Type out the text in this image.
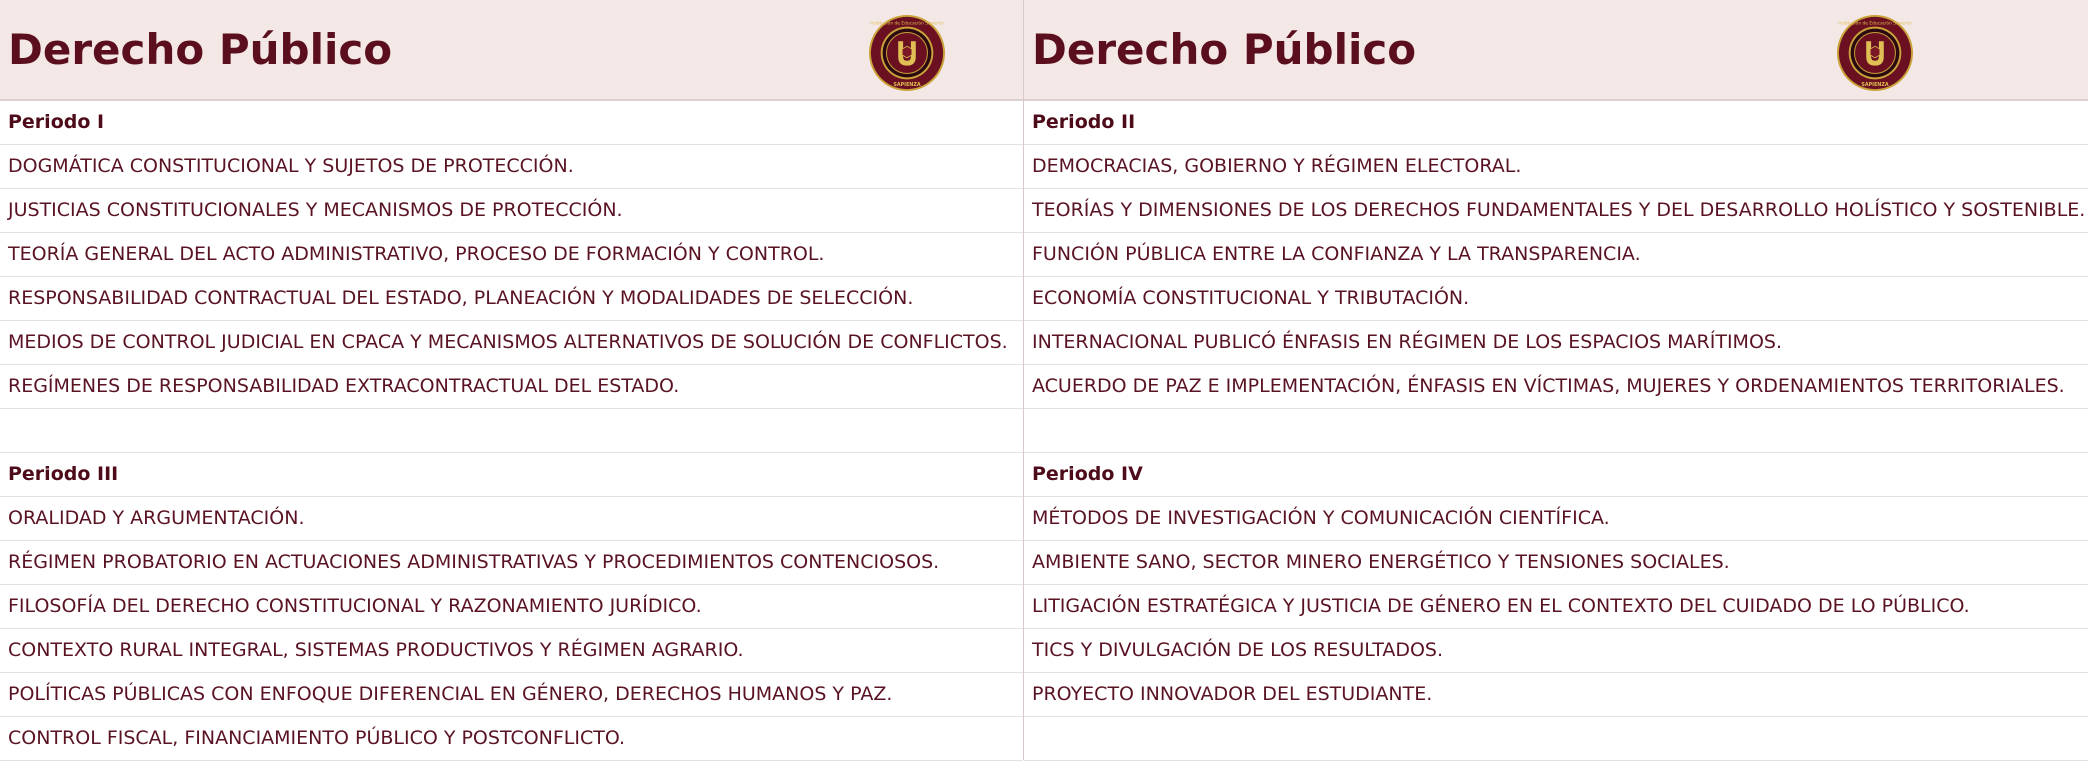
Derecho Público
Institución de Educación Superior
SAPIENZA
Periodo I
DOGMÁTICA CONSTITUCIONAL Y SUJETOS DE PROTECCIÓN.
JUSTICIAS CONSTITUCIONALES Y MECANISMOS DE PROTECCIÓN.
TEORÍA GENERAL DEL ACTO ADMINISTRATIVO, PROCESO DE FORMACIÓN Y CONTROL.
RESPONSABILIDAD CONTRACTUAL DEL ESTADO, PLANEACIÓN Y MODALIDADES DE SELECCIÓN.
MEDIOS DE CONTROL JUDICIAL EN CPACA Y MECANISMOS ALTERNATIVOS DE SOLUCIÓN DE CONFLICTOS.
REGÍMENES DE RESPONSABILIDAD EXTRACONTRACTUAL DEL ESTADO.
Periodo III
ORALIDAD Y ARGUMENTACIÓN.
RÉGIMEN PROBATORIO EN ACTUACIONES ADMINISTRATIVAS Y PROCEDIMIENTOS CONTENCIOSOS.
FILOSOFÍA DEL DERECHO CONSTITUCIONAL Y RAZONAMIENTO JURÍDICO.
CONTEXTO RURAL INTEGRAL, SISTEMAS PRODUCTIVOS Y RÉGIMEN AGRARIO.
POLÍTICAS PÚBLICAS CON ENFOQUE DIFERENCIAL EN GÉNERO, DERECHOS HUMANOS Y PAZ.
CONTROL FISCAL, FINANCIAMIENTO PÚBLICO Y POSTCONFLICTO.
Derecho Público
Institución de Educación Superior
SAPIENZA
Periodo II
DEMOCRACIAS, GOBIERNO Y RÉGIMEN ELECTORAL.
TEORÍAS Y DIMENSIONES DE LOS DERECHOS FUNDAMENTALES Y DEL DESARROLLO HOLÍSTICO Y SOSTENIBLE.
FUNCIÓN PÚBLICA ENTRE LA CONFIANZA Y LA TRANSPARENCIA.
ECONOMÍA CONSTITUCIONAL Y TRIBUTACIÓN.
INTERNACIONAL PUBLICÓ ÉNFASIS EN RÉGIMEN DE LOS ESPACIOS MARÍTIMOS.
ACUERDO DE PAZ E IMPLEMENTACIÓN, ÉNFASIS EN VÍCTIMAS, MUJERES Y ORDENAMIENTOS TERRITORIALES.
Periodo IV
MÉTODOS DE INVESTIGACIÓN Y COMUNICACIÓN CIENTÍFICA.
AMBIENTE SANO, SECTOR MINERO ENERGÉTICO Y TENSIONES SOCIALES.
LITIGACIÓN ESTRATÉGICA Y JUSTICIA DE GÉNERO EN EL CONTEXTO DEL CUIDADO DE LO PÚBLICO.
TICS Y DIVULGACIÓN DE LOS RESULTADOS.
PROYECTO INNOVADOR DEL ESTUDIANTE.
